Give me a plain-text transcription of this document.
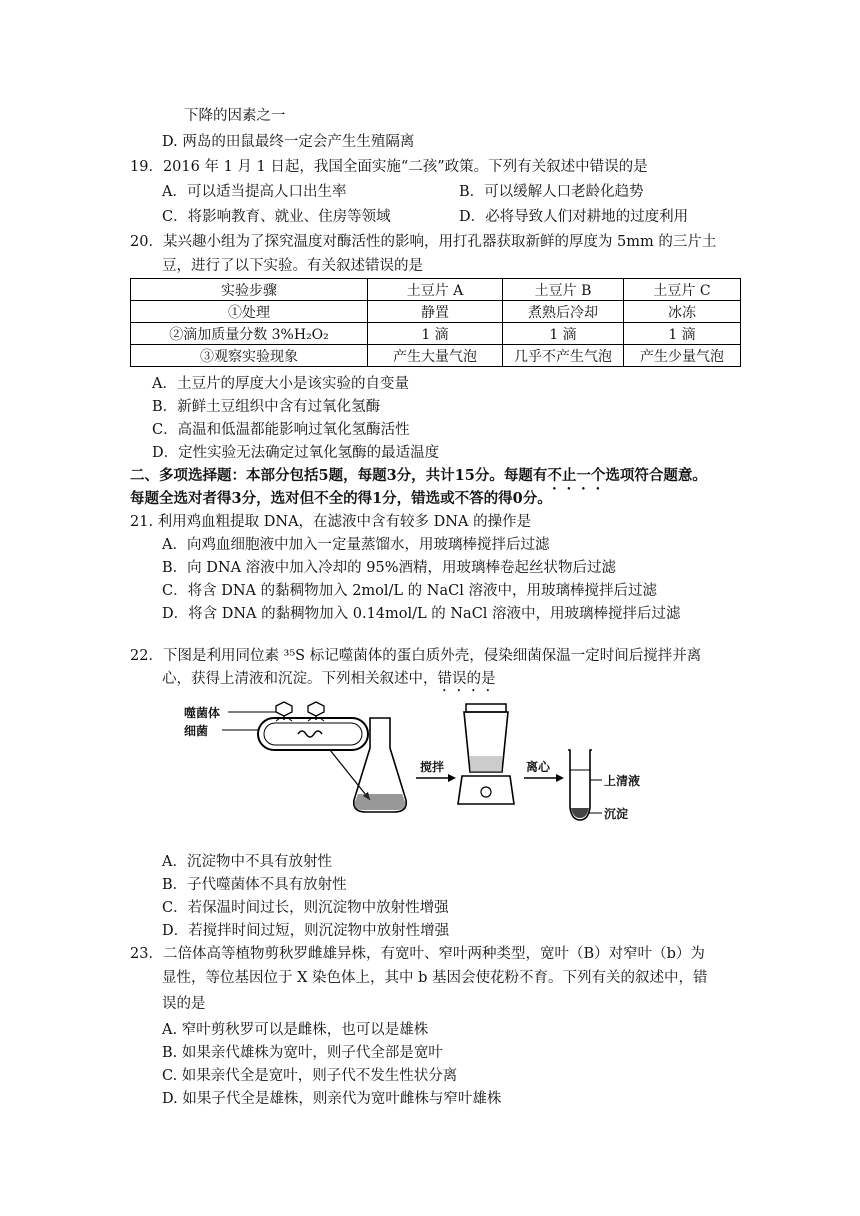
下降的因素之一
D. 两岛的田鼠最终一定会产生生殖隔离
19．2016 年 1 月 1 日起，我国全面实施“二孩”政策。下列有关叙述中错误的是
A．可以适当提高人口出生率	B．可以缓解人口老龄化趋势
C．将影响教育、就业、住房等领域	D．必将导致人们对耕地的过度利用
20．某兴趣小组为了探究温度对酶活性的影响，用打孔器获取新鲜的厚度为 5mm 的三片土
豆，进行了以下实验。有关叙述错误的是
实验步骤	土豆片 A	土豆片 B	土豆片 C
①处理	静置	煮熟后冷却	冰冻
②滴加质量分数 3%H₂O₂	1 滴	1 滴	1 滴
③观察实验现象	产生大量气泡	几乎不产生气泡	产生少量气泡
A．土豆片的厚度大小是该实验的自变量
B．新鲜土豆组织中含有过氧化氢酶
C．高温和低温都能影响过氧化氢酶活性
D．定性实验无法确定过氧化氢酶的最适温度
二、多项选择题：本部分包括5题，每题3分，共计15分。每题有不止一个选项符合题意。
每题全选对者得3分，选对但不全的得1分，错选或不答的得0分。
21. 利用鸡血粗提取 DNA，在滤液中含有较多 DNA 的操作是
A．向鸡血细胞液中加入一定量蒸馏水，用玻璃棒搅拌后过滤
B．向 DNA 溶液中加入冷却的 95%酒精，用玻璃棒卷起丝状物后过滤
C．将含 DNA 的黏稠物加入 2mol/L 的 NaCl 溶液中，用玻璃棒搅拌后过滤
D．将含 DNA 的黏稠物加入 0.14mol/L 的 NaCl 溶液中，用玻璃棒搅拌后过滤
22．下图是利用同位素 ³⁵S 标记噬菌体的蛋白质外壳，侵染细菌保温一定时间后搅拌并离
心，获得上清液和沉淀。下列相关叙述中，错误的是
噬菌体
细菌
搅拌	离心
上清液
沉淀
A．沉淀物中不具有放射性
B．子代噬菌体不具有放射性
C．若保温时间过长，则沉淀物中放射性增强
D．若搅拌时间过短，则沉淀物中放射性增强
23．二倍体高等植物剪秋罗雌雄异株，有宽叶、窄叶两种类型，宽叶（B）对窄叶（b）为
显性，等位基因位于 X 染色体上，其中 b 基因会使花粉不育。下列有关的叙述中，错
误的是
A. 窄叶剪秋罗可以是雌株，也可以是雄株
B. 如果亲代雄株为宽叶，则子代全部是宽叶
C. 如果亲代全是宽叶，则子代不发生性状分离
D. 如果子代全是雄株，则亲代为宽叶雌株与窄叶雄株
